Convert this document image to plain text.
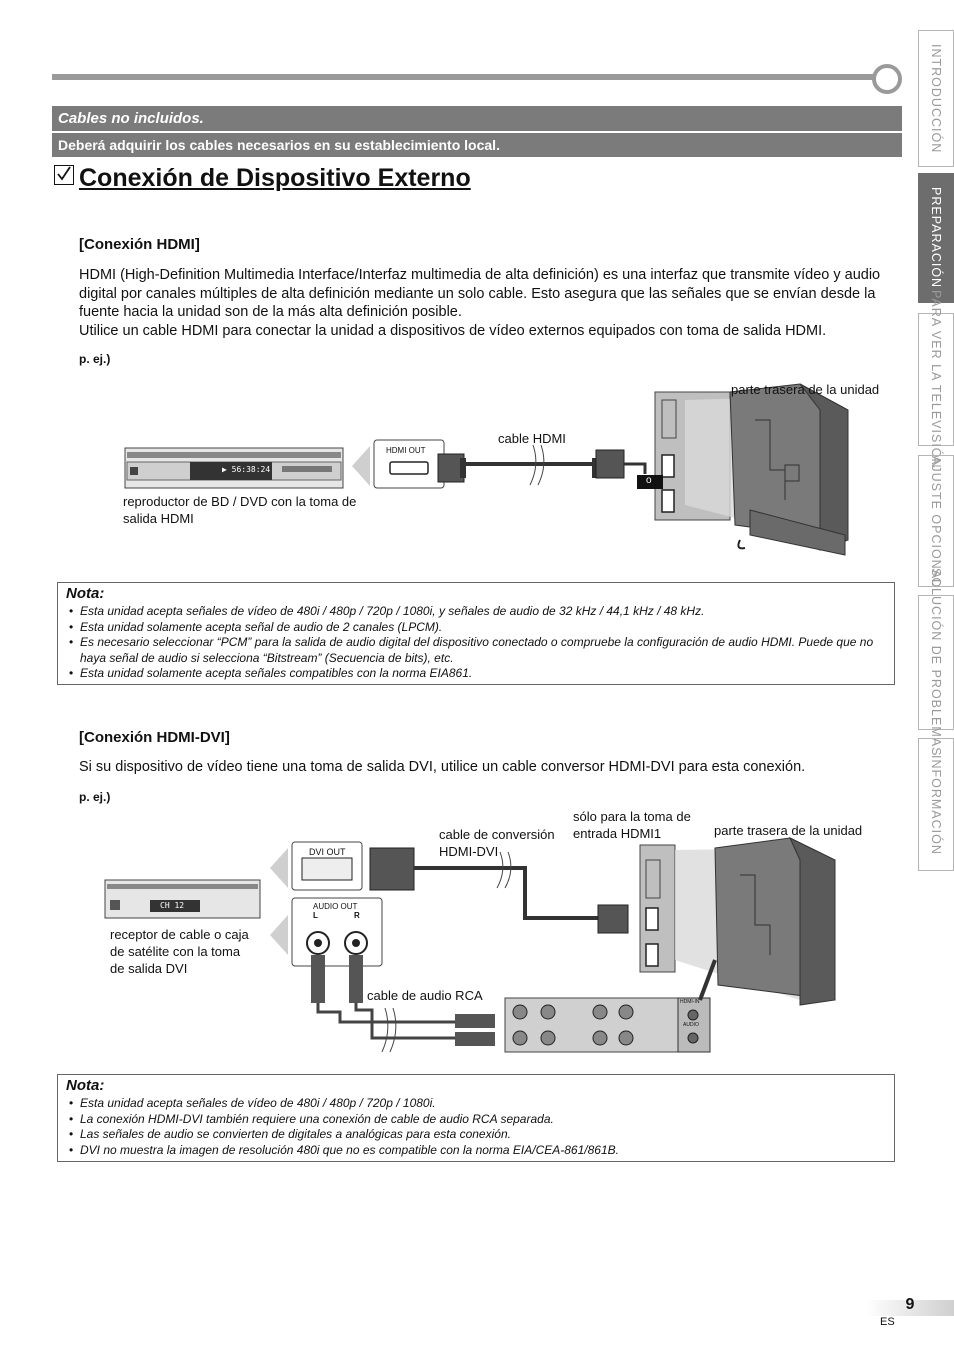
Cables no incluidos.
Deberá adquirir los cables necesarios en su establecimiento local.
Conexión de Dispositivo Externo
[Conexión HDMI]
HDMI (High-Definition Multimedia Interface/Interfaz multimedia de alta definición) es una interfaz que transmite vídeo y audio digital por canales múltiples de alta definición mediante un solo cable. Esto asegura que las señales que se envían desde la fuente hacia la unidad son de la más alta definición posible.
Utilice un cable HDMI para conectar la unidad a dispositivos de vídeo externos equipados con toma de salida HDMI.
p. ej.)
parte trasera de la unidad
cable HDMI
reproductor de BD / DVD con la toma de salida HDMI
HDMI OUT
▶ 56:38:24
o
Nota:
• Esta unidad acepta señales de vídeo de 480i / 480p / 720p / 1080i, y señales de audio de 32 kHz / 44,1 kHz / 48 kHz.
• Esta unidad solamente acepta señal de audio de 2 canales (LPCM).
• Es necesario seleccionar “PCM” para la salida de audio digital del dispositivo conectado o compruebe la configuración de audio HDMI. Puede que no haya señal de audio si selecciona “Bitstream” (Secuencia de bits), etc.
• Esta unidad solamente acepta señales compatibles con la norma EIA861.
[Conexión HDMI-DVI]
Si su dispositivo de vídeo tiene una toma de salida DVI, utilice un cable conversor HDMI-DVI para esta conexión.
p. ej.)
sólo para la toma de entrada HDMI1
cable de conversión HDMI-DVI
parte trasera de la unidad
receptor de cable o caja de satélite con la toma de salida DVI
cable de audio RCA
DVI OUT
AUDIO OUT
L	R
CH 12
HDMI-IN
AUDIO
Nota:
• Esta unidad acepta señales de vídeo de 480i / 480p / 720p / 1080i.
• La conexión HDMI-DVI también requiere una conexión de cable de audio RCA separada.
• Las señales de audio se convierten de digitales a analógicas para esta conexión.
• DVI no muestra la imagen de resolución 480i que no es compatible con la norma EIA/CEA-861/861B.
INTRODUCCIÓN
PREPARACIÓN
PARA VER LA TELEVISIÓN
AJUSTE OPCIONAL
SOLUCIÓN DE PROBLEMAS
INFORMACIÓN
9
ES
